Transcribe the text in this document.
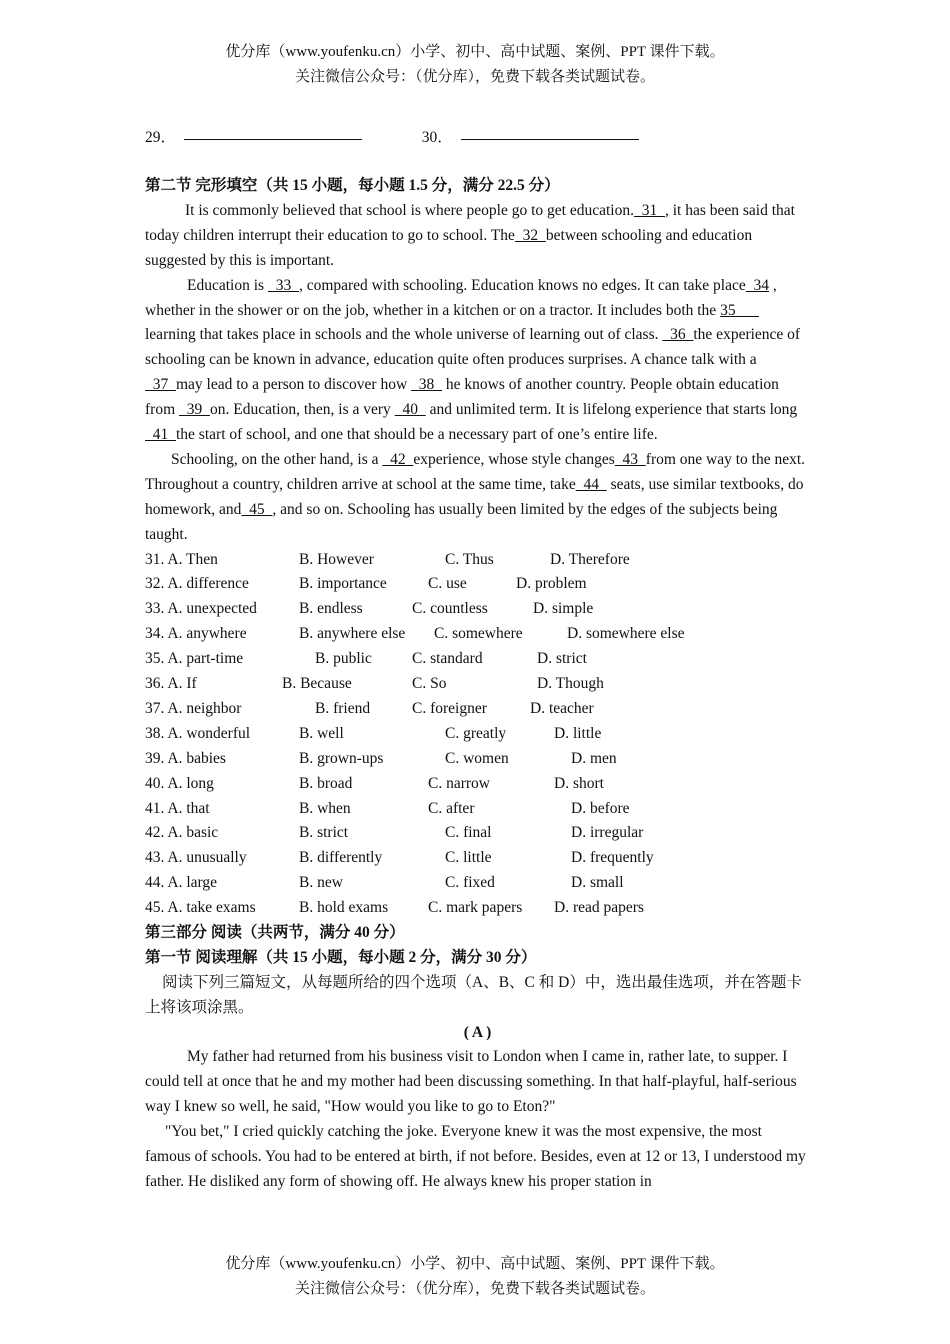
优分库（www.youfenku.cn）小学、初中、高中试题、案例、PPT 课件下载。
关注微信公众号：（优分库），免费下载各类试题试卷。
29．	30．

第二节 完形填空（共 15 小题，每小题 1.5 分，满分 22.5 分）

It is commonly believed that school is where people go to get education.  31  , it has been said that today children interrupt their education to go to school. The  32  between schooling and education suggested by this is important.

Education is   33  , compared with schooling. Education knows no edges. It can take place  34 , whether in the shower or on the job, whether in a kitchen or on a tractor. It includes both the 35___ learning that takes place in schools and the whole universe of learning out of class.   36  the experience of schooling can be known in advance, education quite often produces surprises. A chance talk with a   37  may lead to a person to discover how   38   he knows of another country. People obtain education from   39  on. Education, then, is a very   40   and unlimited term. It is lifelong experience that starts long   41  the start of school, and one that should be a necessary part of one’s entire life.

Schooling, on the other hand, is a   42  experience, whose style changes  43  from one way to the next. Throughout a country, children arrive at school at the same time, take  44   seats, use similar textbooks, do homework, and  45  , and so on. Schooling has usually been limited by the edges of the subjects being taught.

31. A. Then	B. However	C. Thus	D. Therefore
32. A. difference	B. importance	C. use	D. problem
33. A. unexpected	B. endless	C. countless	D. simple
34. A. anywhere	B. anywhere else C. somewhere	D. somewhere else
35. A. part-time	B. public	C. standard	D. strict
36. A. If	B. Because	C. So	D. Though
37. A. neighbor	B. friend	C. foreigner	D. teacher
38. A. wonderful	B. well	C. greatly	D. little
39. A. babies	B. grown-ups	C. women	D. men
40. A. long	B. broad	C. narrow	D. short
41. A. that	B. when	C. after	D. before
42. A. basic	B. strict	C. final	D. irregular
43. A. unusually	B. differently	C. little	D. frequently
44. A. large	B. new	C. fixed	D. small
45. A. take exams	B. hold exams	C. mark papers D. read papers

第三部分 阅读（共两节，满分 40 分）

第一节 阅读理解（共 15 小题，每小题 2 分，满分 30 分）

阅读下列三篇短文，从每题所给的四个选项（A、B、C 和 D）中，选出最佳选项，并在答题卡上将该项涂黑。

( A )

My father had returned from his business visit to London when I came in, rather late, to supper. I could tell at once that he and my mother had been discussing something. In that half-playful, half-serious way I knew so well, he said, "How would you like to go to Eton?"

"You bet," I cried quickly catching the joke. Everyone knew it was the most expensive, the most famous of schools. You had to be entered at birth, if not before. Besides, even at 12 or 13, I understood my father. He disliked any form of showing off. He always knew his proper station in

优分库（www.youfenku.cn）小学、初中、高中试题、案例、PPT 课件下载。
关注微信公众号：（优分库），免费下载各类试题试卷。
